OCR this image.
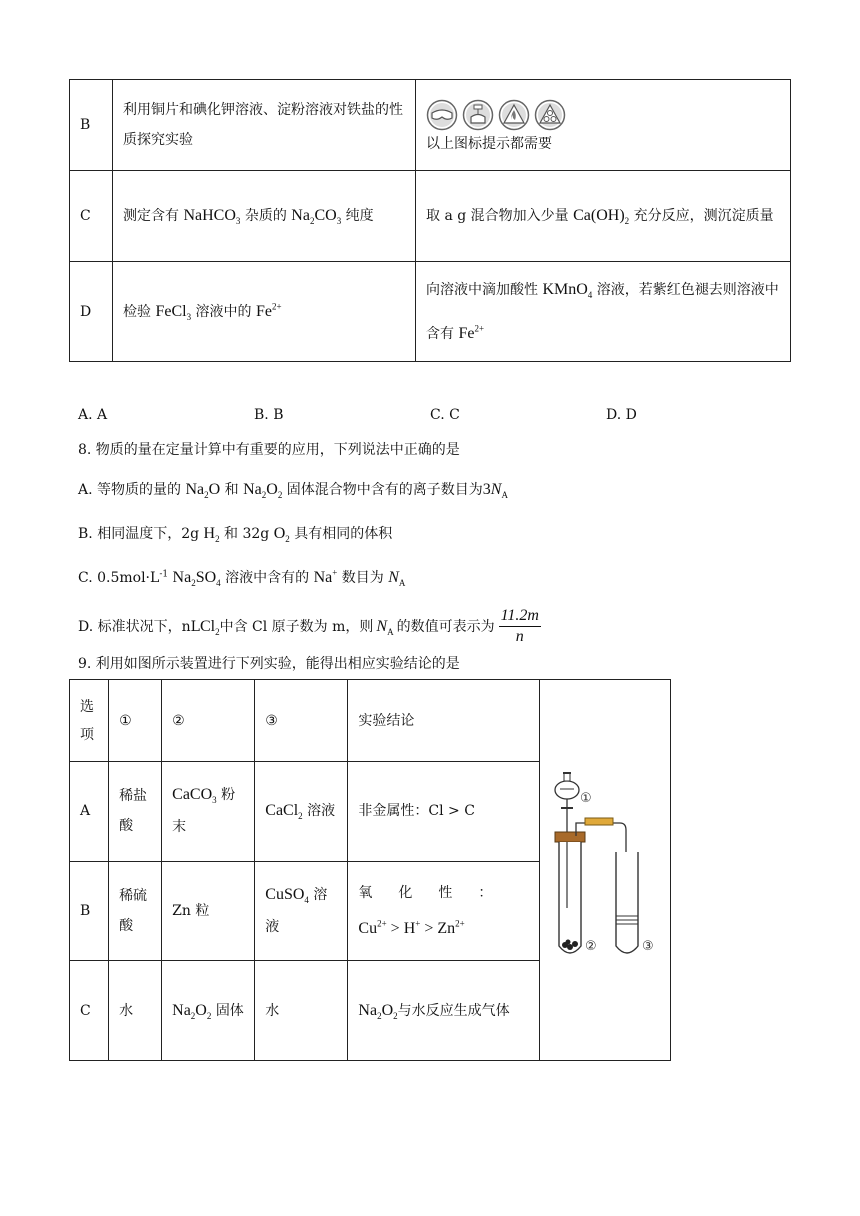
B	利用铜片和碘化钾溶液、淀粉溶液对铁盐的性质探究实验	以上图标提示都需要

C	测定含有 NaHCO$_3$ 杂质的 $Na_2CO_3$ 纯度	取 a g 混合物加入少量 $Ca(OH)_2$ 充分反应，测沉淀质量
D	检验 FeCl$_3$ 溶液中的 $Fe^{2+}$	向溶液中滴加酸性 KMnO$_4$ 溶液，若紫红色褪去则溶液中含有 $Fe^{2+}$
A. A	B. B	C. C	D. D
8. 物质的量在定量计算中有重要的应用，下列说法中正确的是
A. 等物质的量的 $Na_2O$ 和 $Na_2O_2$ 固体混合物中含有的离子数目为$3N_A$
B. 相同温度下，2g $H_2$ 和 32g $O_2$ 具有相同的体积
C. $0.5mol\cdot L^{-1}$ $Na_2SO_4$ 溶液中含有的 Na+ 数目为 $N_A$
D. 标准状况下，nL $Cl_2$ 中含 Cl 原子数为 m，则 $N_A$ 的数值可表示为 $\frac{11.2m}{n}$
9. 利用如图所示装置进行下列实验，能得出相应实验结论的是
选项	①	②	③	实验结论	①
② ③

A	稀盐酸	CaCO$_3$ 粉末	CaCl$_2$ 溶液	非金属性：Cl > C	
B	稀硫酸	Zn 粒	CuSO$_4$ 溶液	氧化性：
$Cu^{2+} > H^+ > Zn^{2+}$

C	水	$Na_2O_2$ 固体	水	$Na_2O_2$与水反应生成气体	
